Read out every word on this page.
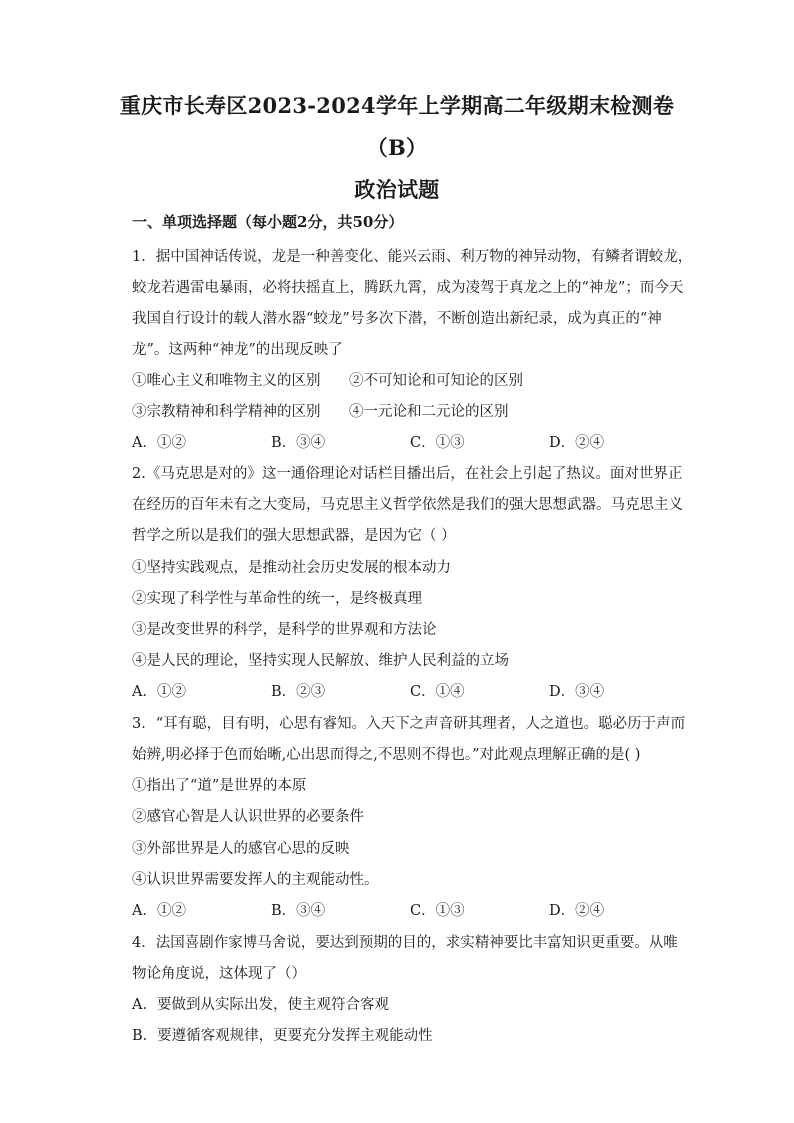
重庆市长寿区2023-2024学年上学期高二年级期末检测卷
（B）
政治试题
一、单项选择题（每小题2分，共50分）
1．据中国神话传说，龙是一种善变化、能兴云雨、利万物的神异动物，有鳞者谓蛟龙，
蛟龙若遇雷电暴雨，必将扶摇直上，腾跃九霄，成为凌驾于真龙之上的“神龙”；而今天
我国自行设计的载人潜水器“蛟龙”号多次下潜，不断创造出新纪录，成为真正的“神
龙”。这两种“神龙”的出现反映了
①唯心主义和唯物主义的区别 ②不可知论和可知论的区别
③宗教精神和科学精神的区别 ④一元论和二元论的区别
A．①②	B．③④	C．①③	D．②④
2.《马克思是对的》这一通俗理论对话栏目播出后，在社会上引起了热议。面对世界正
在经历的百年未有之大变局，马克思主义哲学依然是我们的强大思想武器。马克思主义
哲学之所以是我们的强大思想武器，是因为它（ ）
①坚持实践观点，是推动社会历史发展的根本动力
②实现了科学性与革命性的统一，是终极真理
③是改变世界的科学，是科学的世界观和方法论
④是人民的理论，坚持实现人民解放、维护人民利益的立场
A．①②	B．②③	C．①④	D．③④
3．“耳有聪，目有明，心思有睿知。入天下之声音研其理者，人之道也。聪必历于声而
始辨,明必择于色而始晰,心出思而得之,不思则不得也。”对此观点理解正确的是( )
①指出了“道”是世界的本原
②感官心智是人认识世界的必要条件
③外部世界是人的感官心思的反映
④认识世界需要发挥人的主观能动性。
A．①②	B．③④	C．①③	D．②④
4．法国喜剧作家博马舍说，要达到预期的目的，求实精神要比丰富知识更重要。从唯
物论角度说，这体现了（）
A．要做到从实际出发，使主观符合客观
B．要遵循客观规律，更要充分发挥主观能动性
